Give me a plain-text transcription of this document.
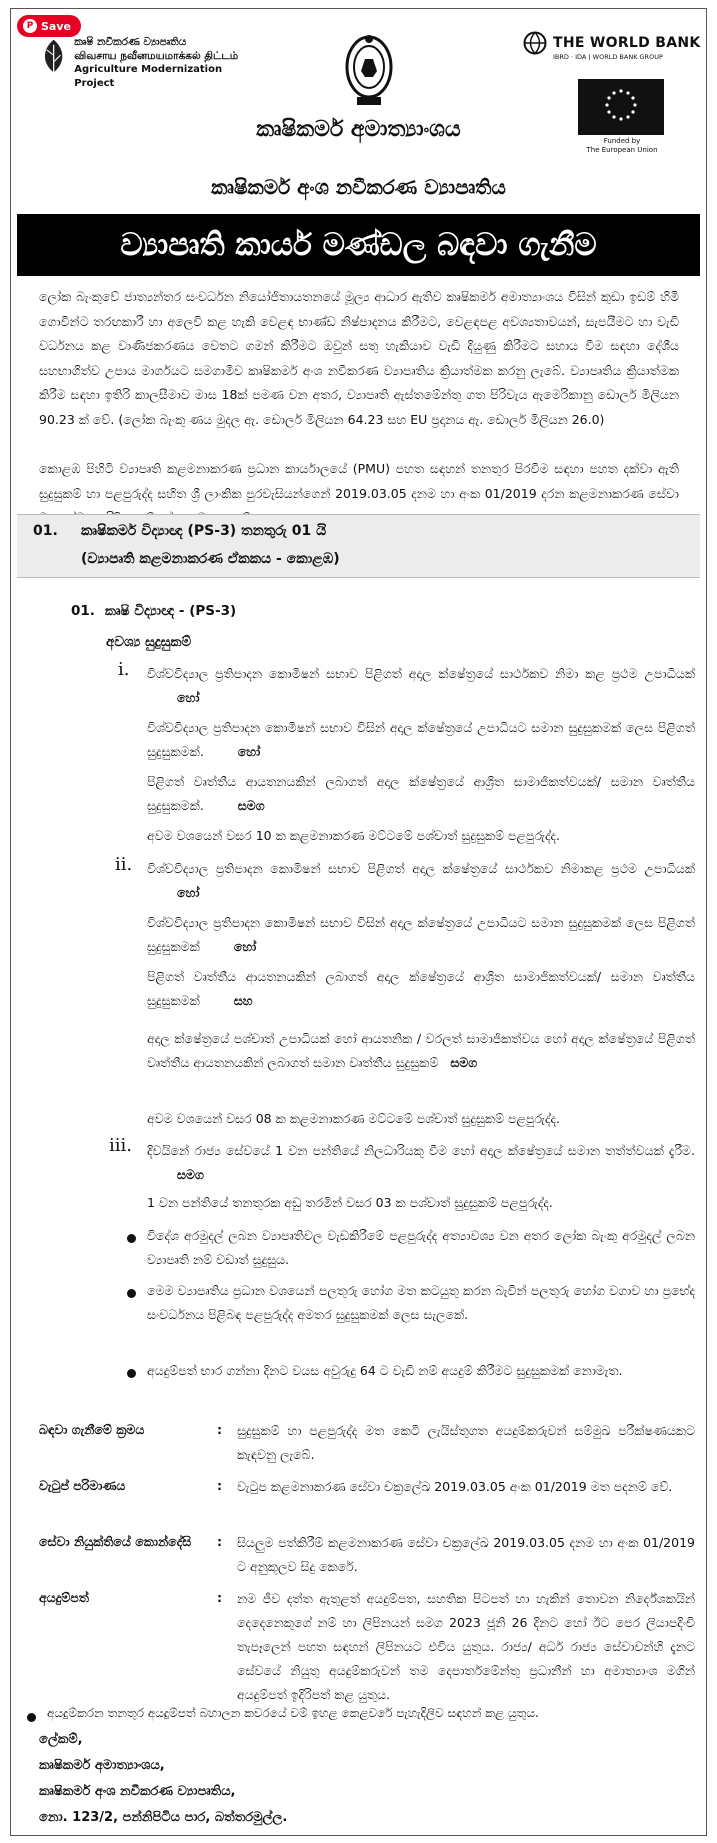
P Save
කෘෂි නවීකරණ ව්‍යාපෘතිය
விவசாய நவீனமயமாக்கல் திட்டம்
Agriculture Modernization Project
THE WORLD BANK
IBRD · IDA | WORLD BANK GROUP
Funded by
The European Union
කෘෂිකර්ම අමාත්‍යාංශය
කෘෂිකර්ම අංශ නවීකරණ ව්‍යාපෘතිය
ව්‍යාපෘති කාර්ය මණ්ඩල බඳවා ගැනීම

ලෝක බැංකුවේ ජාත්‍යන්තර සංවර්ධන නියෝජිතායතනයේ මූල්‍ය ආධාර ඇතිව කෘෂිකර්ම අමාත්‍යාංශය විසින් කුඩා ඉඩම් හිමි ගොවීන්ට තරඟකාරී හා අලෙවි කළ හැකි වෙළඳ භාණ්ඩ නිෂ්පාදනය කිරීමට, වෙළඳපළ අවශ්‍යතාවයන්, සැපයීමට හා වැඩි වර්ධනය කළ වාණිජකරණය වෙතට ගමන් කිරීමට ඔවුන් සතු හැකියාව වැඩි දියුණු කිරීමට සහාය වීම සඳහා දේශීය සහභාගිත්ව උපාය මාර්ගයට සමගාමීව කෘෂිකර්ම අංශ නවීකරණ ව්‍යාපෘතිය ක්‍රියාත්මක කරනු ලැබේ. ව්‍යාපෘතිය ක්‍රියාත්මක කිරීම සඳහා ඉතිරි කාලසීමාව මාස 18ක් පමණ වන අතර, ව්‍යාපෘති ඇස්තමේන්තු ගත පිරිවැය ඇමෙරිකානු ඩොලර් මිලියන 90.23 ක් වේ. (ලෝක බැංකු ණය මුදල ඇ. ඩොලර් මිලියන 64.23 සහ EU ප්‍රදානය ඇ. ඩොලර් මිලියන 26.0)

කොළඹ පිහිටි ව්‍යාපෘති කළමනාකරණ ප්‍රධාන කාර්යාලයේ (PMU) පහත සඳහන් තනතුර පිරවීම සඳහා පහත දක්වා ඇති සුදුසුකම් හා පළපුරුද්ද සහිත ශ්‍රී ලාංකික පුරවැසියන්ගෙන් 2019.03.05 දනම හා අංක 01/2019 දරන කළමනාකරණ සේවා

01. කෘෂිකර්ම විද්‍යාඥ (PS-3) තනතුරු 01 යි
(ව්‍යාපෘති කළමනාකරණ ඒකකය - කොළඹ)
01. කෘෂි විද්‍යාඥ - (PS-3)
අවශ්‍ය සුදුසුකම්
i. විශ්වවිද්‍යාල ප්‍රතිපාදන කොමිෂන් සභාව පිළිගත් අදාල ක්ෂේත්‍රයේ සාර්ථකව නිමා කළ ප්‍රථම උපාධියක් හෝ
විශ්වවිද්‍යාල ප්‍රතිපාදන කොමිෂන් සභාව විසින් අදාල ක්ෂේත්‍රයේ උපාධියට සමාන සුදුසුකමක් ලෙස පිළිගත් සුදුසුකමක්.	හෝ
පිළිගත් වෘත්තීය ආයතනයකින් ලබාගත් අදාල ක්ෂේත්‍රයේ ආශ්‍රිත සාමාජිකත්වයක්/ සමාන වෘත්තීය සුදුසුකමක්.	සමග
අවම වශයෙන් වසර 10 ක කළමනාකරණ මට්ටමේ පශ්චාත් සුදුසුකම් පළපුරුද්ද.
ii. විශ්වවිද්‍යාල ප්‍රතිපාදන කොමිෂන් සභාව පිළිගත් අදාල ක්ෂේත්‍රයේ සාර්ථකව නිමාකළ ප්‍රථම උපාධියක් හෝ
විශ්වවිද්‍යාල ප්‍රතිපාදන කොමිෂන් සභාව විසින් අදාල ක්ෂේත්‍රයේ උපාධියට සමාන සුදුසුකමක් ලෙස පිළිගත් සුදුසුකමක්	හෝ
පිළිගත් වෘත්තීය ආයතනයකින් ලබාගත් අදාල ක්ෂේත්‍රයේ ආශ්‍රිත සාමාජිකත්වයක්/ සමාන වෘත්තීය සුදුසුකමක්	සහ
අදාල ක්ෂේත්‍රයේ පශ්චාත් උපාධියක් හෝ ආයතනික / වරලත් සාමාජිකත්වය හෝ අදාල ක්ෂේත්‍රයේ පිළිගත් වෘත්තීය ආයතනයකින් ලබාගත් සමාන වෘත්තීය සුදුසුකම් සමග
අවම වශයෙන් වසර 08 ක කළමනාකරණ මට්ටමේ පශ්චාත් සුදුසුකම් පළපුරුද්ද.
iii. දිවයිනේ රාජ්‍ය සේවයේ 1 වන පන්තියේ නිලධාරියකු වීම හෝ අදාල ක්ෂේත්‍රයේ සමාන තත්ත්වයක් දැරීම. සමග
1 වන පන්තියේ තනතුරක අඩු තරමින් වසර 03 ක පශ්චාත් සුදුසුකම් පළපුරුද්ද.
විදේශ අරමුදල් ලබන ව්‍යාපෘතිවල වැඩකිරීමේ පළපුරුද්ද අත්‍යාවශ්‍ය වන අතර ලෝක බැංකු අරමුදල් ලබන ව්‍යාපෘති නම් වඩාත් සුදුසුය.
මෙම ව්‍යාපෘතිය ප්‍රධාන වශයෙන් පලතුරු හෝග මත කටයුතු කරන බැවින් පලතුරු හෝග වගාව හා ප්‍රභේද සංවර්ධනය පිළිබඳ පළපුරුද්ද අමතර සුදුසුකමක් ලෙස සැලකේ.
අයදුම්පත් භාර ගන්නා දිනට වයස අවුරුදු 64 ට වැඩි නම් අයදුම් කිරීමට සුදුසුකමක් නොමැත.
බඳවා ගැනීමේ ක්‍රමය	: සුදුසුකම් හා පළපුරුද්ද මත කෙටි ලැයිස්තුගත අයදුම්කරුවන් සම්මුඛ පරීක්ෂණයකට කැඳවනු ලැබේ.
වැටුප් පරිමාණය	: වැටුප කළමනාකරණ සේවා චක්‍රලේඛ 2019.03.05 අංක 01/2019 මත පදනම් වේ.
සේවා නියුක්තියේ කොන්දේසි	: සියලුම පත්කිරීම් කළමනාකරණ සේවා චක්‍රලේඛ 2019.03.05 දනම හා අංක 01/2019 ට අනුකූලව සිදු කෙරේ.
අයදුම්පත්	: නම ජීව දත්ත ඇතුළත් අයදුම්පත, සහතික පිටපත් හා හැකින් තොවන නිර්දේශකයින් දෙදෙනෙකුගේ නම් හා ලිපිනයන් සමග 2023 ජූනි 26 දිනට හෝ ඊට පෙර ලියාපදිංචි තැපෑලෙන් පහත සඳහන් ලිපිනයට එවිය යුතුය. රාජ්‍ය/ අර්ධ රාජ්‍ය සේවාවන්හි දැනට සේවයේ නියුතු අයදුම්කරුවන් තම දෙපාර්තමේන්තු ප්‍රධානීන් හා අමාත්‍යාංශ මගින් අයදුම්පත් ඉදිරිපත් කළ යුතුය.
අයදුම්කරන තනතුර අයදුම්පත් බහාලන කවරයේ වම් ඉහළ කෙළවරේ පැහැදිලිව සඳහන් කළ යුතුය.
ලේකම්,
කෘෂිකර්ම අමාත්‍යාංශය,
කෘෂිකර්ම අංශ නවීකරණ ව්‍යාපෘතිය,
නො. 123/2, පන්නිපිටිය පාර, බත්තරමුල්ල.
